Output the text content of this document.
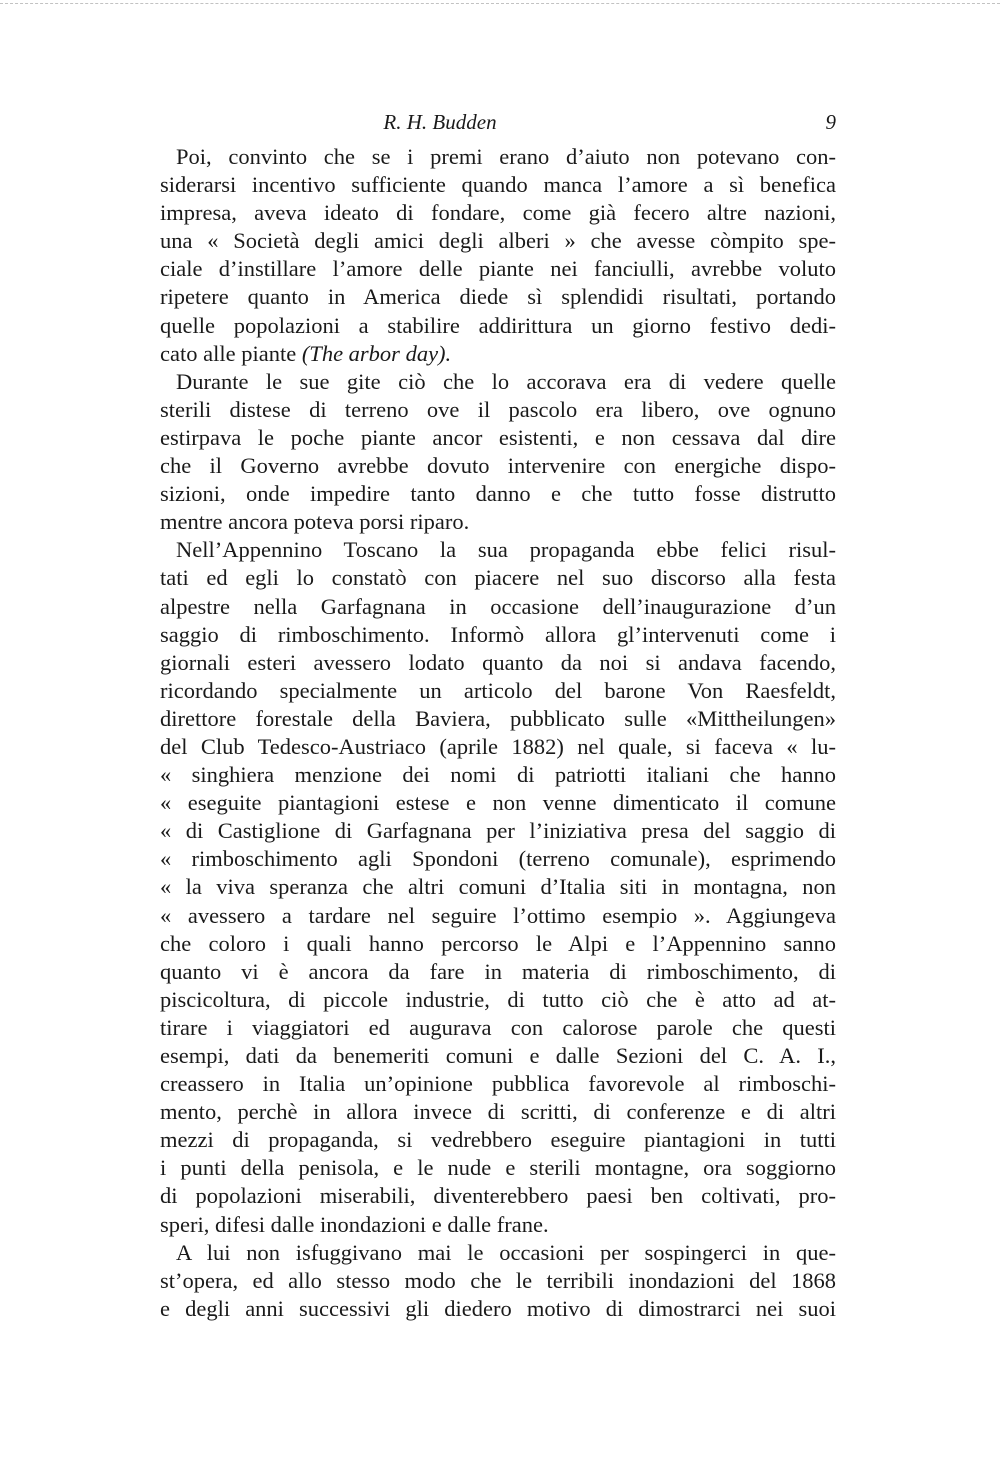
R. H. Budden	9
Poi, convinto che se i premi erano d’aiuto non potevano con-
siderarsi incentivo sufficiente quando manca l’amore a sì benefica
impresa, aveva ideato di fondare, come già fecero altre nazioni,
una « Società degli amici degli alberi » che avesse còmpito spe-
ciale d’instillare l’amore delle piante nei fanciulli, avrebbe voluto
ripetere quanto in America diede sì splendidi risultati, portando
quelle popolazioni a stabilire addirittura un giorno festivo dedi-
cato alle piante (The arbor day).
Durante le sue gite ciò che lo accorava era di vedere quelle
sterili distese di terreno ove il pascolo era libero, ove ognuno
estirpava le poche piante ancor esistenti, e non cessava dal dire
che il Governo avrebbe dovuto intervenire con energiche dispo-
sizioni, onde impedire tanto danno e che tutto fosse distrutto
mentre ancora poteva porsi riparo.
Nell’Appennino Toscano la sua propaganda ebbe felici risul-
tati ed egli lo constatò con piacere nel suo discorso alla festa
alpestre nella Garfagnana in occasione dell’inaugurazione d’un
saggio di rimboschimento. Informò allora gl’intervenuti come i
giornali esteri avessero lodato quanto da noi si andava facendo,
ricordando specialmente un articolo del barone Von Raesfeldt,
direttore forestale della Baviera, pubblicato sulle «Mittheilungen»
del Club Tedesco-Austriaco (aprile 1882) nel quale, si faceva « lu-
« singhiera menzione dei nomi di patriotti italiani che hanno
« eseguite piantagioni estese e non venne dimenticato il comune
« di Castiglione di Garfagnana per l’iniziativa presa del saggio di
« rimboschimento agli Spondoni (terreno comunale), esprimendo
« la viva speranza che altri comuni d’Italia siti in montagna, non
« avessero a tardare nel seguire l’ottimo esempio ». Aggiungeva
che coloro i quali hanno percorso le Alpi e l’Appennino sanno
quanto vi è ancora da fare in materia di rimboschimento, di
piscicoltura, di piccole industrie, di tutto ciò che è atto ad at-
tirare i viaggiatori ed augurava con calorose parole che questi
esempi, dati da benemeriti comuni e dalle Sezioni del C. A. I.,
creassero in Italia un’opinione pubblica favorevole al rimboschi-
mento, perchè in allora invece di scritti, di conferenze e di altri
mezzi di propaganda, si vedrebbero eseguire piantagioni in tutti
i punti della penisola, e le nude e sterili montagne, ora soggiorno
di popolazioni miserabili, diventerebbero paesi ben coltivati, pro-
speri, difesi dalle inondazioni e dalle frane.
A lui non isfuggivano mai le occasioni per sospingerci in que-
st’opera, ed allo stesso modo che le terribili inondazioni del 1868
e degli anni successivi gli diedero motivo di dimostrarci nei suoi
